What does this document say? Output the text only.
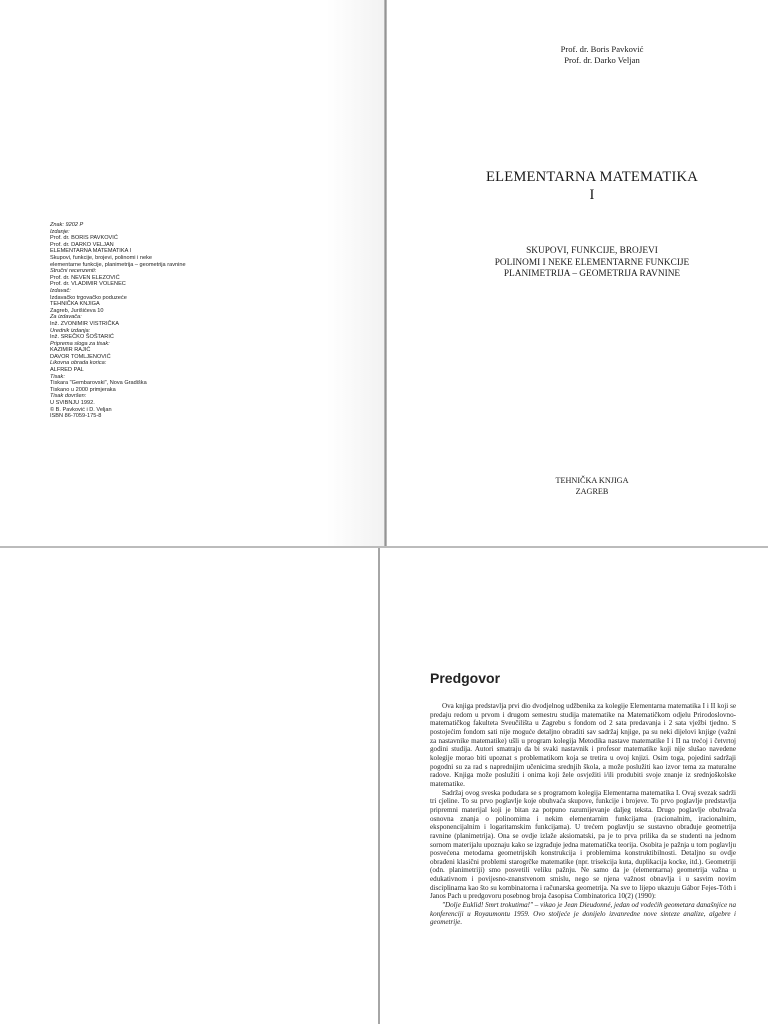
Znak: 9202 P
Izdanje:
Prof. dr. BORIS PAVKOVIĆ
Prof. dr. DARKO VELJAN
ELEMENTARNA MATEMATIKA I
Skupovi, funkcije, brojevi, polinomi i neke
elementarne funkcije, planimetrija – geometrija ravnine
Stručni recenzenti:
Prof. dr. NEVEN ELEZOVIĆ
Prof. dr. VLADIMIR VOLENEC
Izdavač:
Izdavačko trgovačko poduzeće
TEHNIČKA KNJIGA
Zagreb, Jurišićeva 10
Za izdavača:
Inž. ZVONIMIR VISTRIČKA
Urednik izdanja:
Inž. SREČKO ŠOŠTARIĆ
Priprema sloga za tisak:
KAZIMIR RAJIĆ
DAVOR TOMLJENOVIĆ
Likovna obrada korica:
ALFRED PAL
Tisak:
Tiskara "Gembarovski", Nova Gradiška
Tiskano u 2000 primjeraka
Tisak dovršen:
U SVIBNJU 1992.
© B. Pavković i D. Veljan
ISBN 86-7059-175-8
Prof. dr. Boris Pavković
Prof. dr. Darko Veljan
ELEMENTARNA MATEMATIKA
I
SKUPOVI, FUNKCIJE, BROJEVI
POLINOMI I NEKE ELEMENTARNE FUNKCIJE
PLANIMETRIJA – GEOMETRIJA RAVNINE
TEHNIČKA KNJIGA
ZAGREB
Predgovor

Ova knjiga predstavlja prvi dio dvodjelnog udžbenika za kolegije Elementarna matematika I i II koji se predaju redom u prvom i drugom semestru studija matematike na Matematičkom odjelu Prirodoslovno-matematičkog fakulteta Sveučilišta u Zagrebu s fondom od 2 sata predavanja i 2 sata vježbi tjedno. S postojećim fondom sati nije moguće detaljno obraditi sav sadržaj knjige, pa su neki dijelovi knjige (važni za nastavnike matematike) ušli u program kolegija Metodika nastave matematike I i II na trećoj i četvrtoj godini studija. Autori smatraju da bi svaki nastavnik i profesor matematike koji nije slušao navedene kolegije morao biti upoznat s problematikom koja se tretira u ovoj knjizi. Osim toga, pojedini sadržaji pogodni su za rad s naprednijim učenicima srednjih škola, a može poslužiti kao izvor tema za maturalne radove. Knjiga može poslužiti i onima koji žele osvježiti i/ili produbiti svoje znanje iz srednjoškolske matematike.

Sadržaj ovog sveska podudara se s programom kolegija Elementarna matematika I. Ovaj svezak sadrži tri cjeline. To su prvo poglavlje koje obuhvaća skupove, funkcije i brojeve. To prvo poglavlje predstavlja pripremni materijal koji je bitan za potpuno razumijevanje daljeg teksta. Drugo poglavlje obuhvaća osnovna znanja o polinomima i nekim elementarnim funkcijama (racionalnim, iracionalnim, eksponencijalnim i logaritamskim funkcijama). U trećem poglavlju se sustavno obrađuje geometrija ravnine (planimetrija). Ona se ovdje izlaže aksiomatski, pa je to prva prilika da se studenti na jednom sornom materijalu upoznaju kako se izgrađuje jedna matematička teorija. Osobita je pažnja u tom poglavlju posvećena metodama geometrijskih konstrukcija i problemima konstruktibilnosti. Detaljno su ovdje obrađeni klasični problemi starogrčke matematike (npr. trisekcija kuta, duplikacija kocke, itd.). Geometriji (odn. planimetriji) smo posvetili veliku pažnju. Ne samo da je (elementarna) geometrija važna u edukativnom i povijesno-znanstvenom smislu, nego se njena važnost obnavlja i u sasvim novim disciplinama kao što su kombinatorna i računarska geometrija. Na sve to lijepo ukazuju Gábor Fejes-Tóth i Janos Pach u predgovoru posebnog broja časopisa Combinatorica 10(2) (1990):

"Dolje Euklid! Smrt trokutima!" – vikao je Jean Dieudonné, jedan od vodećih geometara današnjice na konferenciji u Royaumontu 1959. Ovo stoljeće je donijelo izvanredne nove sinteze analize, algebre i geometrije.
